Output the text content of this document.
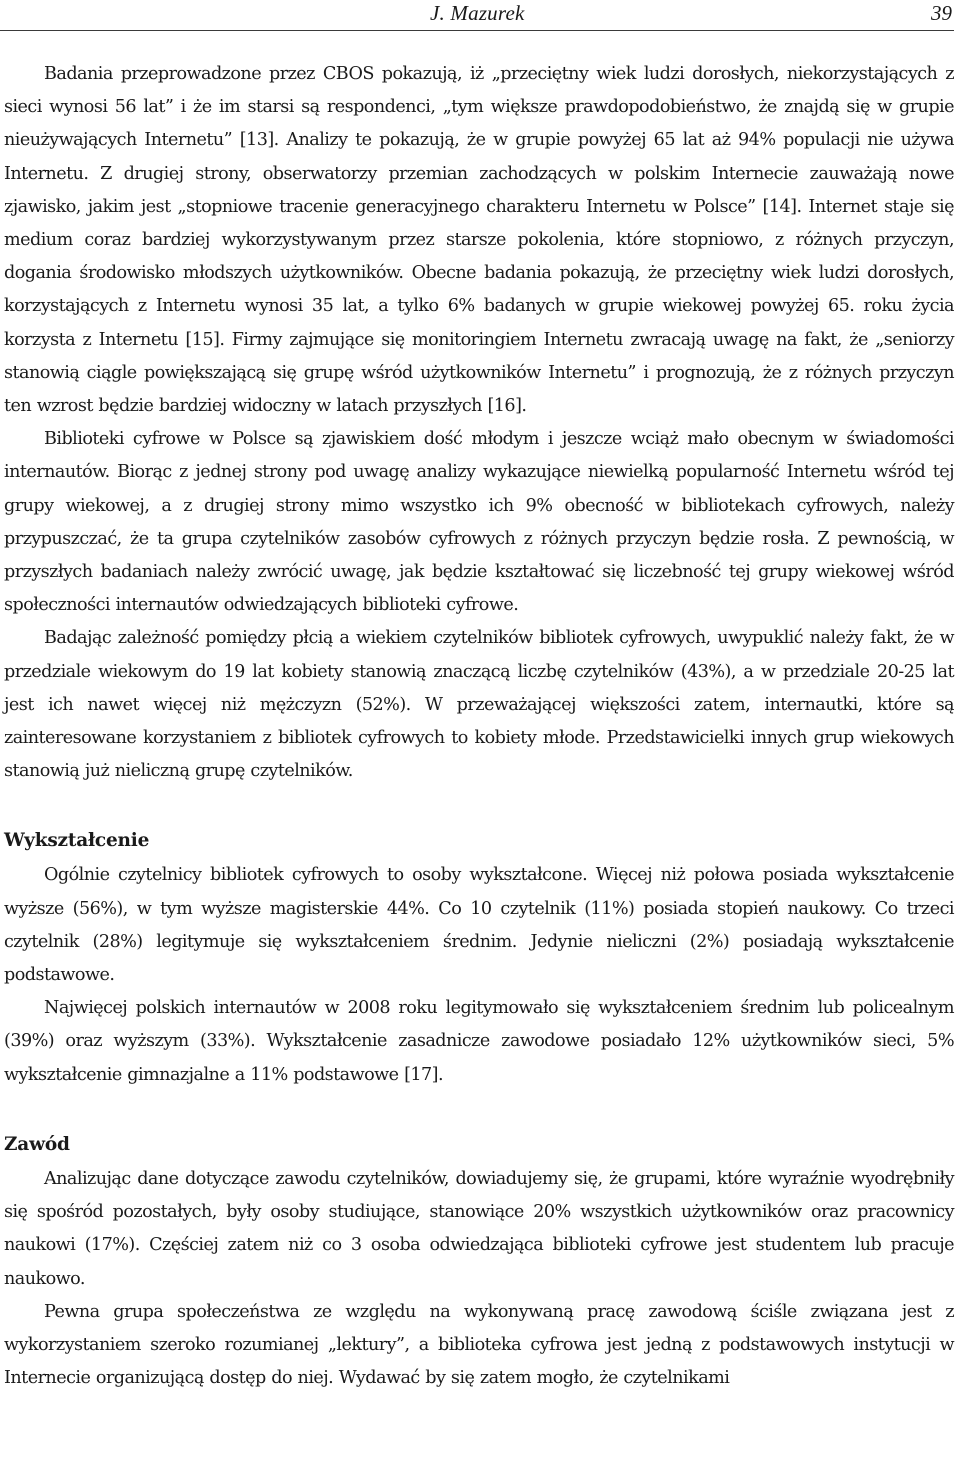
J. Mazurek	39

Badania przeprowadzone przez CBOS pokazują, iż „przeciętny wiek ludzi dorosłych, niekorzystających z sieci wynosi 56 lat” i że im starsi są respondenci, „tym większe prawdopodobieństwo, że znajdą się w grupie nieużywających Internetu” [13]. Analizy te pokazują, że w grupie powyżej 65 lat aż 94% populacji nie używa Internetu. Z drugiej strony, obserwatorzy przemian zachodzących w polskim Internecie zauważają nowe zjawisko, jakim jest „stopniowe tracenie generacyjnego charakteru Internetu w Polsce” [14]. Internet staje się medium coraz bardziej wykorzystywanym przez starsze pokolenia, które stopniowo, z różnych przyczyn, dogania środowisko młodszych użytkowników. Obecne badania pokazują, że przeciętny wiek ludzi dorosłych, korzystających z Internetu wynosi 35 lat, a tylko 6% badanych w grupie wiekowej powyżej 65. roku życia korzysta z Internetu [15]. Firmy zajmujące się monitoringiem Internetu zwracają uwagę na fakt, że „seniorzy stanowią ciągle powiększającą się grupę wśród użytkowników Internetu” i prognozują, że z różnych przyczyn ten wzrost będzie bardziej widoczny w latach przyszłych [16].

Biblioteki cyfrowe w Polsce są zjawiskiem dość młodym i jeszcze wciąż mało obecnym w świadomości internautów. Biorąc z jednej strony pod uwagę analizy wykazujące niewielką popularność Internetu wśród tej grupy wiekowej, a z drugiej strony mimo wszystko ich 9% obecność w bibliotekach cyfrowych, należy przypuszczać, że ta grupa czytelników zasobów cyfrowych z różnych przyczyn będzie rosła. Z pewnością, w przyszłych badaniach należy zwrócić uwagę, jak będzie kształtować się liczebność tej grupy wiekowej wśród społeczności internautów odwiedzających biblioteki cyfrowe.

Badając zależność pomiędzy płcią a wiekiem czytelników bibliotek cyfrowych, uwypuklić należy fakt, że w przedziale wiekowym do 19 lat kobiety stanowią znaczącą liczbę czytelników (43%), a w przedziale 20-25 lat jest ich nawet więcej niż mężczyzn (52%). W przeważającej większości zatem, internautki, które są zainteresowane korzystaniem z bibliotek cyfrowych to kobiety młode. Przedstawicielki innych grup wiekowych stanowią już nieliczną grupę czytelników.

Wykształcenie

Ogólnie czytelnicy bibliotek cyfrowych to osoby wykształcone. Więcej niż połowa posiada wykształcenie wyższe (56%), w tym wyższe magisterskie 44%. Co 10 czytelnik (11%) posiada stopień naukowy. Co trzeci czytelnik (28%) legitymuje się wykształceniem średnim. Jedynie nieliczni (2%) posiadają wykształcenie podstawowe.

Najwięcej polskich internautów w 2008 roku legitymowało się wykształceniem średnim lub policealnym (39%) oraz wyższym (33%). Wykształcenie zasadnicze zawodowe posiadało 12% użytkowników sieci, 5% wykształcenie gimnazjalne a 11% podstawowe [17].

Zawód

Analizując dane dotyczące zawodu czytelników, dowiadujemy się, że grupami, które wyraźnie wyodrębniły się spośród pozostałych, były osoby studiujące, stanowiące 20% wszystkich użytkowników oraz pracownicy naukowi (17%). Częściej zatem niż co 3 osoba odwiedzająca biblioteki cyfrowe jest studentem lub pracuje naukowo.

Pewna grupa społeczeństwa ze względu na wykonywaną pracę zawodową ściśle związana jest z wykorzystaniem szeroko rozumianej „lektury”, a biblioteka cyfrowa jest jedną z podstawowych instytucji w Internecie organizującą dostęp do niej. Wydawać by się zatem mogło, że czytelnikami
